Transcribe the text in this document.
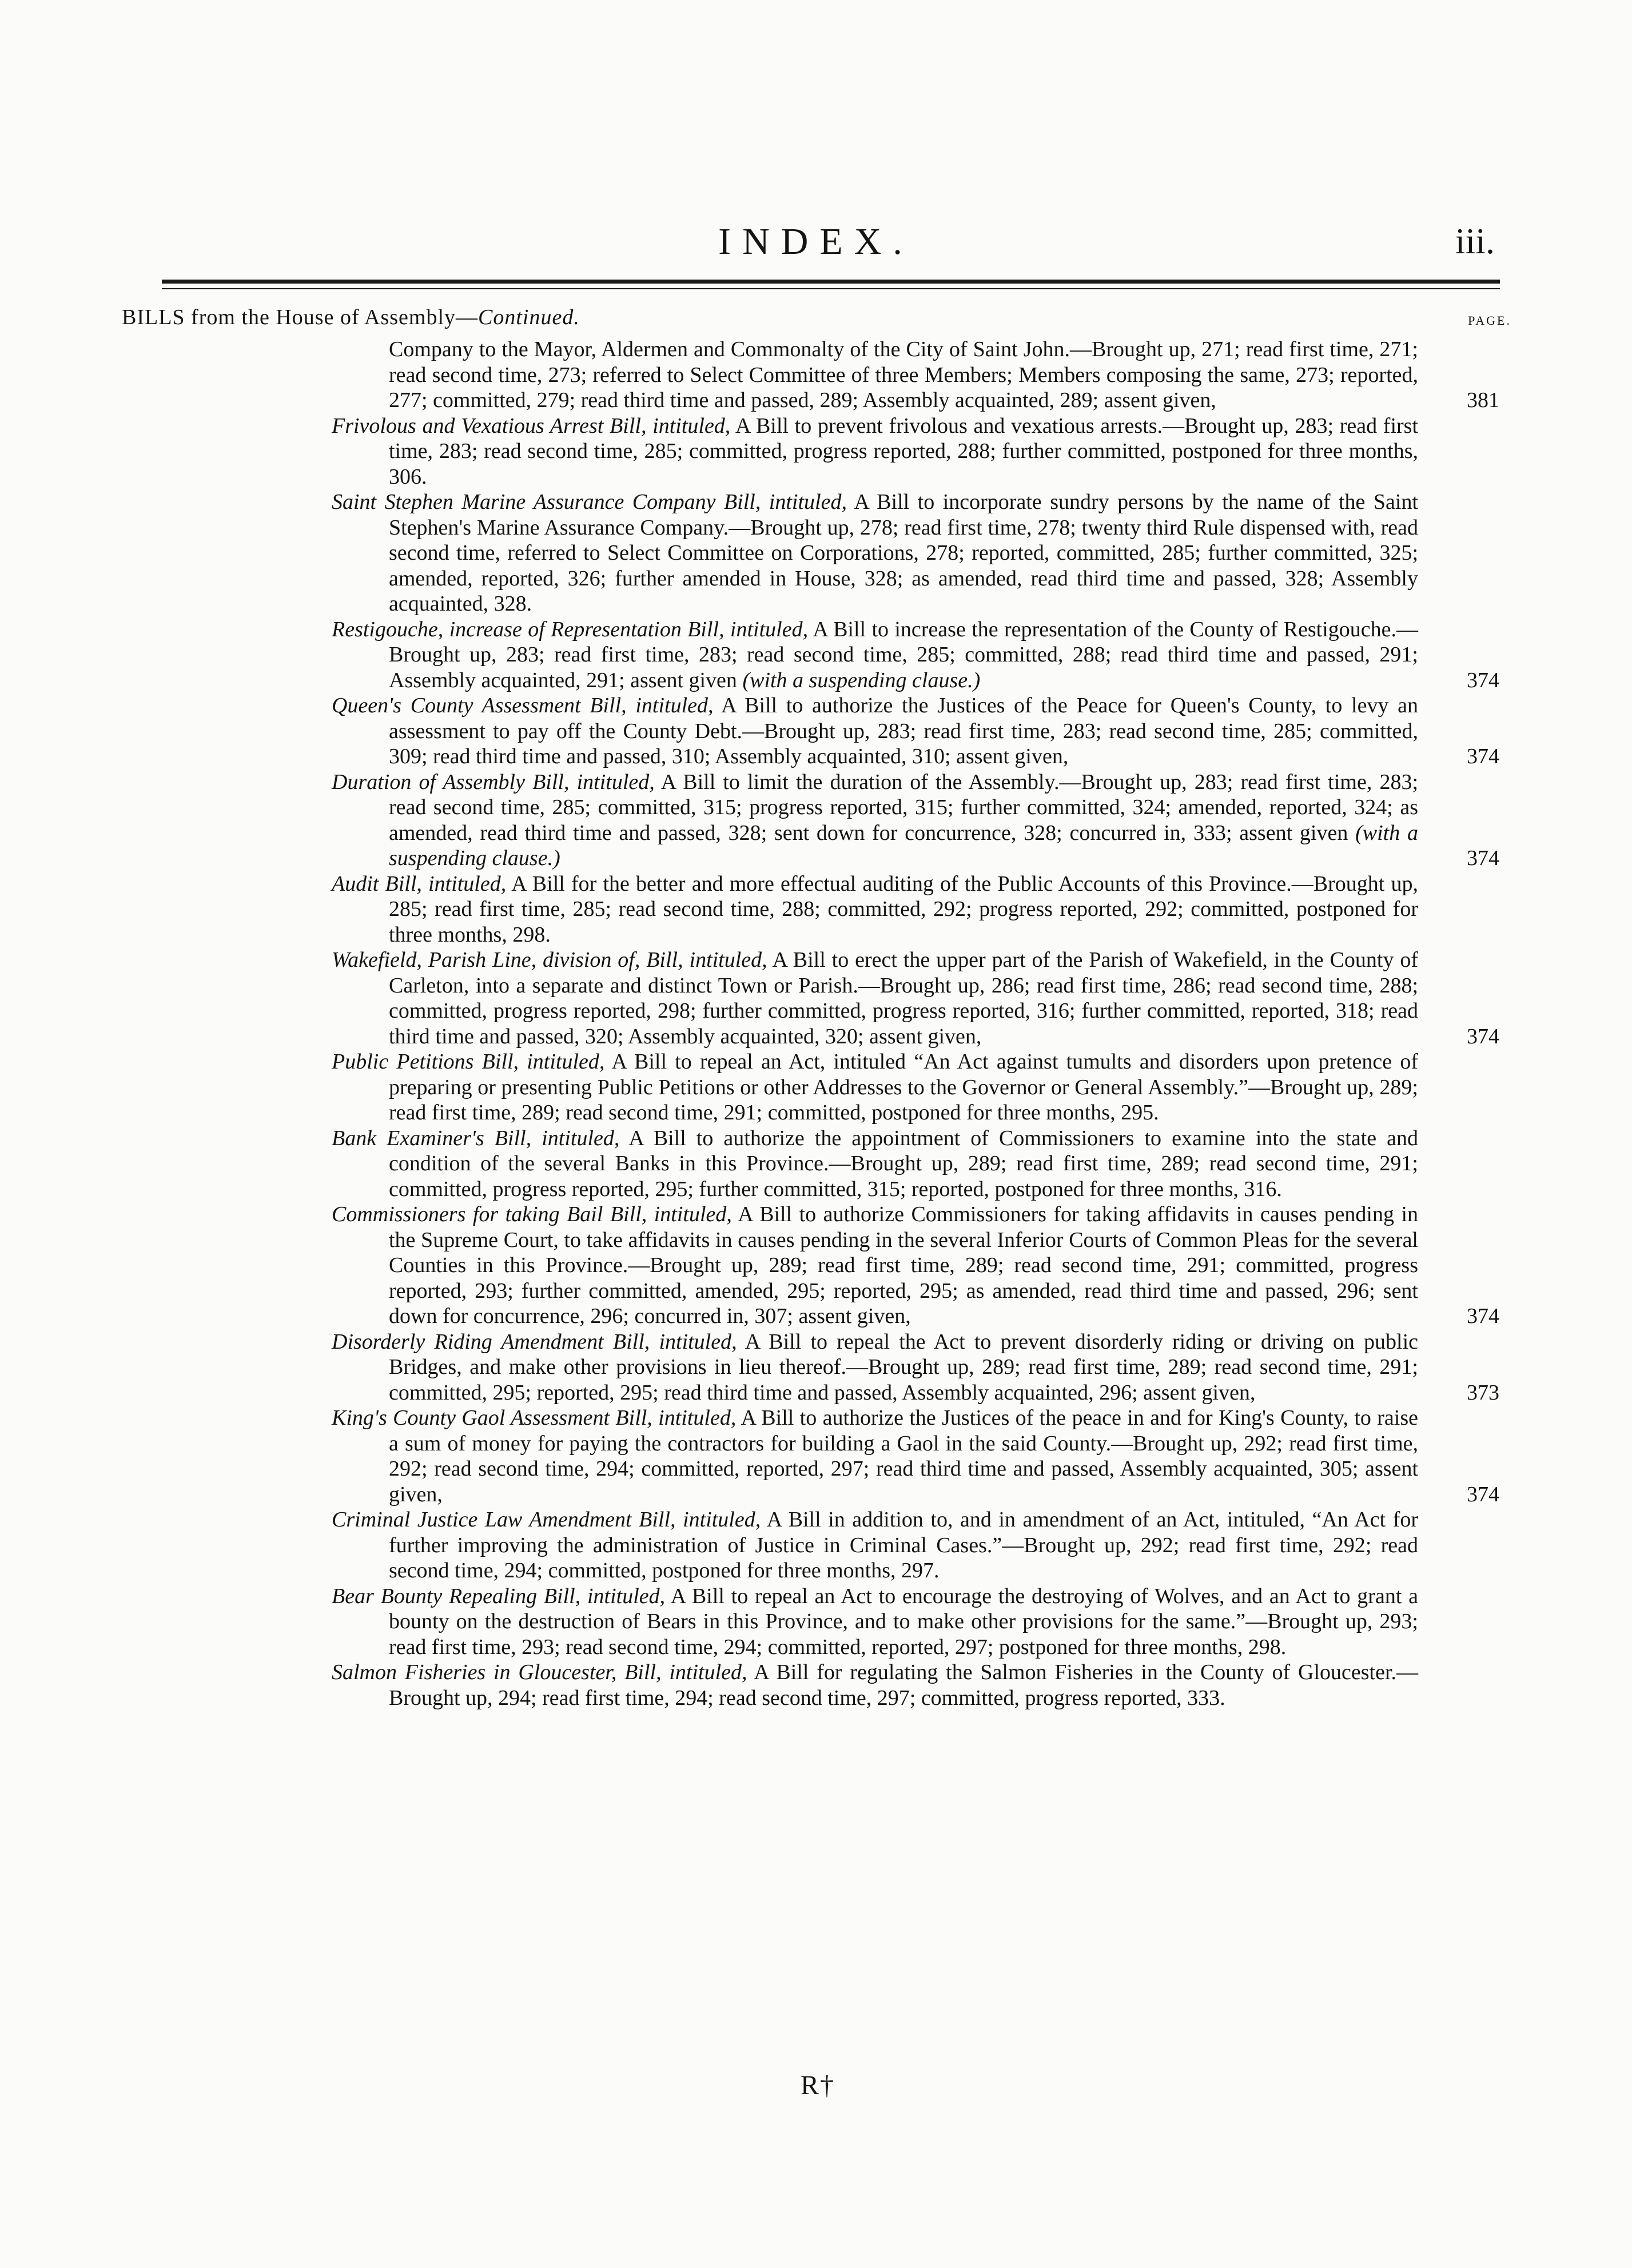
INDEX.	iii.
BILLS from the House of Assembly—Continued.	PAGE.
Company to the Mayor, Aldermen and Commonalty of the City of Saint John.—Brought up, 271; read first time, 271; read second time, 273; referred to Select Committee of three Members; Members composing the same, 273; reported, 277; committed, 279; read third time and passed, 289; Assembly acquainted, 289; assent given,	381
Frivolous and Vexatious Arrest Bill, intituled, A Bill to prevent frivolous and vexatious arrests.—Brought up, 283; read first time, 283; read second time, 285; committed, progress reported, 288; further committed, postponed for three months, 306.
Saint Stephen Marine Assurance Company Bill, intituled, A Bill to incorporate sundry persons by the name of the Saint Stephen's Marine Assurance Company.—Brought up, 278; read first time, 278; twenty third Rule dispensed with, read second time, referred to Select Committee on Corporations, 278; reported, committed, 285; further committed, 325; amended, reported, 326; further amended in House, 328; as amended, read third time and passed, 328; Assembly acquainted, 328.
Restigouche, increase of Representation Bill, intituled, A Bill to increase the representation of the County of Restigouche.—Brought up, 283; read first time, 283; read second time, 285; committed, 288; read third time and passed, 291; Assembly acquainted, 291; assent given (with a suspending clause.)	374
Queen's County Assessment Bill, intituled, A Bill to authorize the Justices of the Peace for Queen's County, to levy an assessment to pay off the County Debt.—Brought up, 283; read first time, 283; read second time, 285; committed, 309; read third time and passed, 310; Assembly acquainted, 310; assent given,	374
Duration of Assembly Bill, intituled, A Bill to limit the duration of the Assembly.—Brought up, 283; read first time, 283; read second time, 285; committed, 315; progress reported, 315; further committed, 324; amended, reported, 324; as amended, read third time and passed, 328; sent down for concurrence, 328; concurred in, 333; assent given (with a suspending clause.)	374
Audit Bill, intituled, A Bill for the better and more effectual auditing of the Public Accounts of this Province.—Brought up, 285; read first time, 285; read second time, 288; committed, 292; progress reported, 292; committed, postponed for three months, 298.
Wakefield, Parish Line, division of, Bill, intituled, A Bill to erect the upper part of the Parish of Wakefield, in the County of Carleton, into a separate and distinct Town or Parish.—Brought up, 286; read first time, 286; read second time, 288; committed, progress reported, 298; further committed, progress reported, 316; further committed, reported, 318; read third time and passed, 320; Assembly acquainted, 320; assent given,	374
Public Petitions Bill, intituled, A Bill to repeal an Act, intituled “An Act against tumults and disorders upon pretence of preparing or presenting Public Petitions or other Addresses to the Governor or General Assembly.”—Brought up, 289; read first time, 289; read second time, 291; committed, postponed for three months, 295.
Bank Examiner's Bill, intituled, A Bill to authorize the appointment of Commissioners to examine into the state and condition of the several Banks in this Province.—Brought up, 289; read first time, 289; read second time, 291; committed, progress reported, 295; further committed, 315; reported, postponed for three months, 316.
Commissioners for taking Bail Bill, intituled, A Bill to authorize Commissioners for taking affidavits in causes pending in the Supreme Court, to take affidavits in causes pending in the several Inferior Courts of Common Pleas for the several Counties in this Province.—Brought up, 289; read first time, 289; read second time, 291; committed, progress reported, 293; further committed, amended, 295; reported, 295; as amended, read third time and passed, 296; sent down for concurrence, 296; concurred in, 307; assent given,	374
Disorderly Riding Amendment Bill, intituled, A Bill to repeal the Act to prevent disorderly riding or driving on public Bridges, and make other provisions in lieu thereof.—Brought up, 289; read first time, 289; read second time, 291; committed, 295; reported, 295; read third time and passed, Assembly acquainted, 296; assent given,	373
King's County Gaol Assessment Bill, intituled, A Bill to authorize the Justices of the peace in and for King's County, to raise a sum of money for paying the contractors for building a Gaol in the said County.—Brought up, 292; read first time, 292; read second time, 294; committed, reported, 297; read third time and passed, Assembly acquainted, 305; assent given,	374
Criminal Justice Law Amendment Bill, intituled, A Bill in addition to, and in amendment of an Act, intituled, “An Act for further improving the administration of Justice in Criminal Cases.”—Brought up, 292; read first time, 292; read second time, 294; committed, postponed for three months, 297.
Bear Bounty Repealing Bill, intituled, A Bill to repeal an Act to encourage the destroying of Wolves, and an Act to grant a bounty on the destruction of Bears in this Province, and to make other provisions for the same.”—Brought up, 293; read first time, 293; read second time, 294; committed, reported, 297; postponed for three months, 298.
Salmon Fisheries in Gloucester, Bill, intituled, A Bill for regulating the Salmon Fisheries in the County of Gloucester.—Brought up, 294; read first time, 294; read second time, 297; committed, progress reported, 333.
R†
